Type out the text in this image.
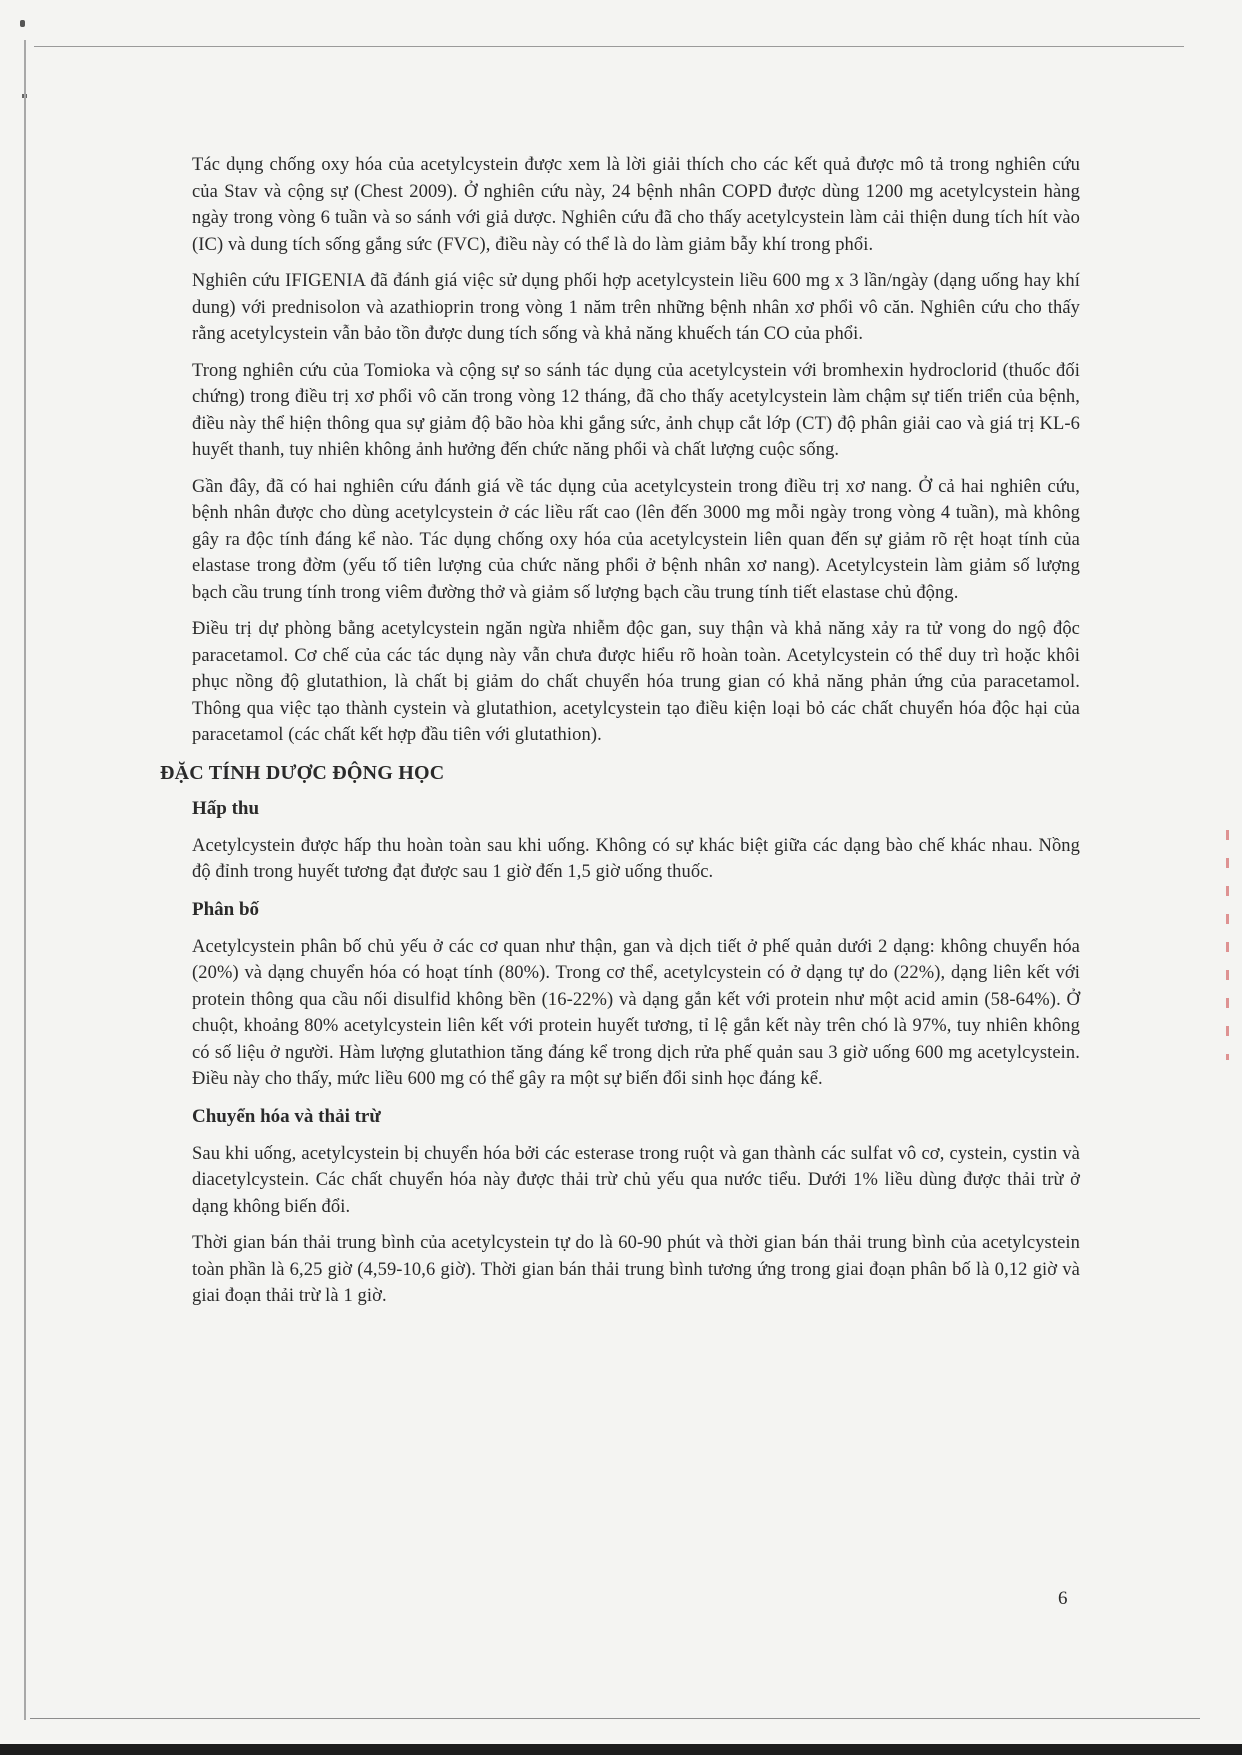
Tác dụng chống oxy hóa của acetylcystein được xem là lời giải thích cho các kết quả được mô tả trong nghiên cứu của Stav và cộng sự (Chest 2009). Ở nghiên cứu này, 24 bệnh nhân COPD được dùng 1200 mg acetylcystein hàng ngày trong vòng 6 tuần và so sánh với giả dược. Nghiên cứu đã cho thấy acetylcystein làm cải thiện dung tích hít vào (IC) và dung tích sống gắng sức (FVC), điều này có thể là do làm giảm bẫy khí trong phổi.

Nghiên cứu IFIGENIA đã đánh giá việc sử dụng phối hợp acetylcystein liều 600 mg x 3 lần/ngày (dạng uống hay khí dung) với prednisolon và azathioprin trong vòng 1 năm trên những bệnh nhân xơ phổi vô căn. Nghiên cứu cho thấy rằng acetylcystein vẫn bảo tồn được dung tích sống và khả năng khuếch tán CO của phổi.

Trong nghiên cứu của Tomioka và cộng sự so sánh tác dụng của acetylcystein với bromhexin hydroclorid (thuốc đối chứng) trong điều trị xơ phổi vô căn trong vòng 12 tháng, đã cho thấy acetylcystein làm chậm sự tiến triển của bệnh, điều này thể hiện thông qua sự giảm độ bão hòa khi gắng sức, ảnh chụp cắt lớp (CT) độ phân giải cao và giá trị KL-6 huyết thanh, tuy nhiên không ảnh hưởng đến chức năng phổi và chất lượng cuộc sống.

Gần đây, đã có hai nghiên cứu đánh giá về tác dụng của acetylcystein trong điều trị xơ nang. Ở cả hai nghiên cứu, bệnh nhân được cho dùng acetylcystein ở các liều rất cao (lên đến 3000 mg mỗi ngày trong vòng 4 tuần), mà không gây ra độc tính đáng kể nào. Tác dụng chống oxy hóa của acetylcystein liên quan đến sự giảm rõ rệt hoạt tính của elastase trong đờm (yếu tố tiên lượng của chức năng phổi ở bệnh nhân xơ nang). Acetylcystein làm giảm số lượng bạch cầu trung tính trong viêm đường thở và giảm số lượng bạch cầu trung tính tiết elastase chủ động.

Điều trị dự phòng bằng acetylcystein ngăn ngừa nhiễm độc gan, suy thận và khả năng xảy ra tử vong do ngộ độc paracetamol. Cơ chế của các tác dụng này vẫn chưa được hiểu rõ hoàn toàn. Acetylcystein có thể duy trì hoặc khôi phục nồng độ glutathion, là chất bị giảm do chất chuyển hóa trung gian có khả năng phản ứng của paracetamol. Thông qua việc tạo thành cystein và glutathion, acetylcystein tạo điều kiện loại bỏ các chất chuyển hóa độc hại của paracetamol (các chất kết hợp đầu tiên với glutathion).

ĐẶC TÍNH DƯỢC ĐỘNG HỌC
Hấp thu

Acetylcystein được hấp thu hoàn toàn sau khi uống. Không có sự khác biệt giữa các dạng bào chế khác nhau. Nồng độ đỉnh trong huyết tương đạt được sau 1 giờ đến 1,5 giờ uống thuốc.

Phân bố

Acetylcystein phân bố chủ yếu ở các cơ quan như thận, gan và dịch tiết ở phế quản dưới 2 dạng: không chuyển hóa (20%) và dạng chuyển hóa có hoạt tính (80%). Trong cơ thể, acetylcystein có ở dạng tự do (22%), dạng liên kết với protein thông qua cầu nối disulfid không bền (16-22%) và dạng gắn kết với protein như một acid amin (58-64%). Ở chuột, khoảng 80% acetylcystein liên kết với protein huyết tương, tỉ lệ gắn kết này trên chó là 97%, tuy nhiên không có số liệu ở người. Hàm lượng glutathion tăng đáng kể trong dịch rửa phế quản sau 3 giờ uống 600 mg acetylcystein. Điều này cho thấy, mức liều 600 mg có thể gây ra một sự biến đổi sinh học đáng kể.

Chuyển hóa và thải trừ

Sau khi uống, acetylcystein bị chuyển hóa bởi các esterase trong ruột và gan thành các sulfat vô cơ, cystein, cystin và diacetylcystein. Các chất chuyển hóa này được thải trừ chủ yếu qua nước tiểu. Dưới 1% liều dùng được thải trừ ở dạng không biến đổi.

Thời gian bán thải trung bình của acetylcystein tự do là 60-90 phút và thời gian bán thải trung bình của acetylcystein toàn phần là 6,25 giờ (4,59-10,6 giờ). Thời gian bán thải trung bình tương ứng trong giai đoạn phân bố là 0,12 giờ và giai đoạn thải trừ là 1 giờ.

6
